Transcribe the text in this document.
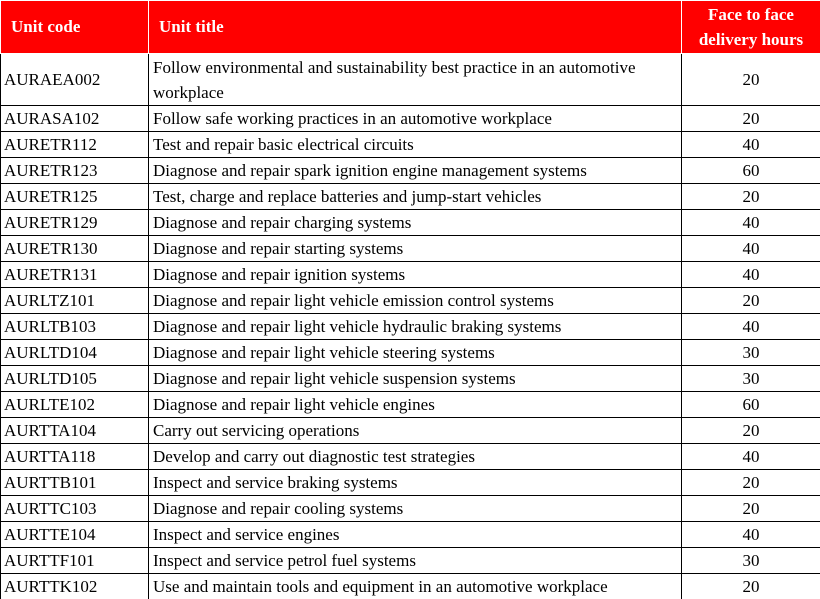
Unit code	Unit title	Face to face
delivery hours
AURAEA002	Follow environmental and sustainability best practice in an automotive workplace	20
AURASA102	Follow safe working practices in an automotive workplace	20
AURETR112	Test and repair basic electrical circuits	40
AURETR123	Diagnose and repair spark ignition engine management systems	60
AURETR125	Test, charge and replace batteries and jump-start vehicles	20
AURETR129	Diagnose and repair charging systems	40
AURETR130	Diagnose and repair starting systems	40
AURETR131	Diagnose and repair ignition systems	40
AURLTZ101	Diagnose and repair light vehicle emission control systems	20
AURLTB103	Diagnose and repair light vehicle hydraulic braking systems	40
AURLTD104	Diagnose and repair light vehicle steering systems	30
AURLTD105	Diagnose and repair light vehicle suspension systems	30
AURLTE102	Diagnose and repair light vehicle engines	60
AURTTA104	Carry out servicing operations	20
AURTTA118	Develop and carry out diagnostic test strategies	40
AURTTB101	Inspect and service braking systems	20
AURTTC103	Diagnose and repair cooling systems	20
AURTTE104	Inspect and service engines	40
AURTTF101	Inspect and service petrol fuel systems	30
AURTTK102	Use and maintain tools and equipment in an automotive workplace	20
